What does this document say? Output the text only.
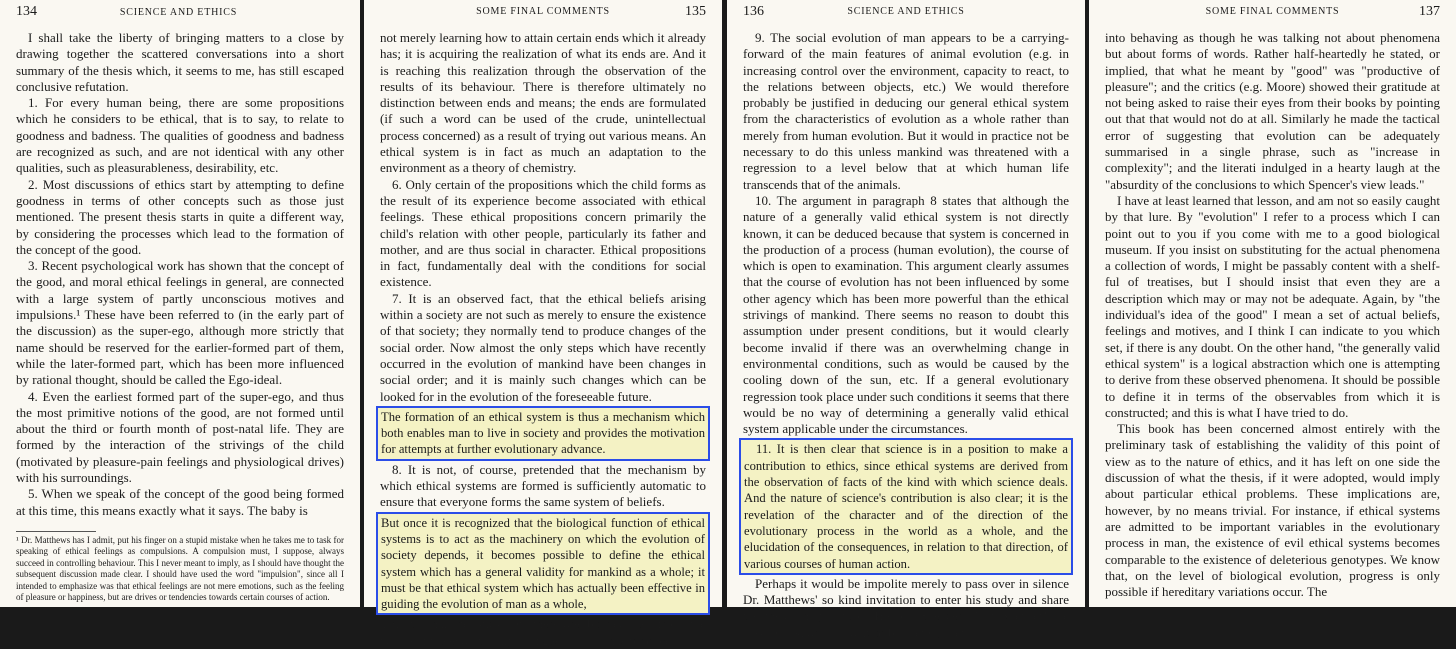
134	SCIENCE AND ETHICS

I shall take the liberty of bringing matters to a close by drawing together the scattered conversations into a short summary of the thesis which, it seems to me, has still escaped conclusive refutation.

1. For every human being, there are some propositions which he considers to be ethical, that is to say, to relate to goodness and badness. The qualities of goodness and badness are recognized as such, and are not identical with any other qualities, such as pleasurableness, desirability, etc.

2. Most discussions of ethics start by attempting to define goodness in terms of other concepts such as those just mentioned. The present thesis starts in quite a different way, by considering the processes which lead to the formation of the concept of the good.

3. Recent psychological work has shown that the concept of the good, and moral ethical feelings in general, are connected with a large system of partly unconscious motives and impulsions.¹ These have been referred to (in the early part of the discussion) as the super-ego, although more strictly that name should be reserved for the earlier-formed part of them, while the later-formed part, which has been more influenced by rational thought, should be called the Ego-ideal.

4. Even the earliest formed part of the super-ego, and thus the most primitive notions of the good, are not formed until about the third or fourth month of post-natal life. They are formed by the interaction of the strivings of the child (motivated by pleasure-pain feelings and physiological drives) with his surroundings.

5. When we speak of the concept of the good being formed at this time, this means exactly what it says. The baby is

¹ Dr. Matthews has I admit, put his finger on a stupid mistake when he takes me to task for speaking of ethical feelings as compulsions. A compulsion must, I suppose, always succeed in controlling behaviour. This I never meant to imply, as I should have thought the subsequent discussion made clear. I should have used the word "impulsion", since all I intended to emphasize was that ethical feelings are not mere emotions, such as the feeling of pleasure or happiness, but are drives or tendencies towards certain courses of action.

SOME FINAL COMMENTS	135

not merely learning how to attain certain ends which it already has; it is acquiring the realization of what its ends are. And it is reaching this realization through the observation of the results of its behaviour. There is therefore ultimately no distinction between ends and means; the ends are formulated (if such a word can be used of the crude, unintellectual process concerned) as a result of trying out various means. An ethical system is in fact as much an adaptation to the environment as a theory of chemistry.

6. Only certain of the propositions which the child forms as the result of its experience become associated with ethical feelings. These ethical propositions concern primarily the child's relation with other people, particularly its father and mother, and are thus social in character. Ethical propositions in fact, fundamentally deal with the conditions for social existence.

7. It is an observed fact, that the ethical beliefs arising within a society are not such as merely to ensure the existence of that society; they normally tend to produce changes of the social order. Now almost the only steps which have recently occurred in the evolution of mankind have been changes in social order; and it is mainly such changes which can be looked for in the evolution of the foreseeable future.

The formation of an ethical system is thus a mechanism which both enables man to live in society and provides the motivation for attempts at further evolutionary advance.

8. It is not, of course, pretended that the mechanism by which ethical systems are formed is sufficiently automatic to ensure that everyone forms the same system of beliefs.

But once it is recognized that the biological function of ethical systems is to act as the machinery on which the evolution of society depends, it becomes possible to define the ethical system which has a general validity for mankind as a whole; it must be that ethical system which has actually been effective in guiding the evolution of man as a whole,

and its characteristics can therefore be deduced from the nature of the evolutionary changes which it has produced.

136	SCIENCE AND ETHICS

9. The social evolution of man appears to be a carrying-forward of the main features of animal evolution (e.g. in increasing control over the environment, capacity to react, to the relations between objects, etc.) We would therefore probably be justified in deducing our general ethical system from the characteristics of evolution as a whole rather than merely from human evolution. But it would in practice not be necessary to do this unless mankind was threatened with a regression to a level below that at which human life transcends that of the animals.

10. The argument in paragraph 8 states that although the nature of a generally valid ethical system is not directly known, it can be deduced because that system is concerned in the production of a process (human evolution), the course of which is open to examination. This argument clearly assumes that the course of evolution has not been influenced by some other agency which has been more powerful than the ethical strivings of mankind. There seems no reason to doubt this assumption under present conditions, but it would clearly become invalid if there was an overwhelming change in environmental conditions, such as would be caused by the cooling down of the sun, etc. If a general evolutionary regression took place under such conditions it seems that there would be no way of determining a generally valid ethical system applicable under the circumstances.

11. It is then clear that science is in a position to make a contribution to ethics, since ethical systems are derived from the observation of facts of the kind with which science deals. And the nature of science's contribution is also clear; it is the revelation of the character and of the direction of the evolutionary process in the world as a whole, and the elucidation of the consequences, in relation to that direction, of various courses of human action.

Perhaps it would be impolite merely to pass over in silence Dr. Matthews' so kind invitation to enter his study and share the melancholy fate of Herbert Spencer. Poor Spencer! He was cajoled or bamboozled by literary men

SOME FINAL COMMENTS	137

into behaving as though he was talking not about phenomena but about forms of words. Rather half-heartedly he stated, or implied, that what he meant by "good" was "productive of pleasure"; and the critics (e.g. Moore) showed their gratitude at not being asked to raise their eyes from their books by pointing out that that would not do at all. Similarly he made the tactical error of suggesting that evolution can be adequately summarised in a single phrase, such as "increase in complexity"; and the literati indulged in a hearty laugh at the "absurdity of the conclusions to which Spencer's view leads."

I have at least learned that lesson, and am not so easily caught by that lure. By "evolution" I refer to a process which I can point out to you if you come with me to a good biological museum. If you insist on substituting for the actual phenomena a collection of words, I might be passably content with a shelf-ful of treatises, but I should insist that even they are a description which may or may not be adequate. Again, by "the individual's idea of the good" I mean a set of actual beliefs, feelings and motives, and I think I can indicate to you which set, if there is any doubt. On the other hand, "the generally valid ethical system" is a logical abstraction which one is attempting to derive from these observed phenomena. It should be possible to define it in terms of the observables from which it is constructed; and this is what I have tried to do.

This book has been concerned almost entirely with the preliminary task of establishing the validity of this point of view as to the nature of ethics, and it has left on one side the discussion of what the thesis, if it were adopted, would imply about particular ethical problems. These implications are, however, by no means trivial. For instance, if ethical systems are admitted to be important variables in the evolutionary process in man, the existence of evil ethical systems becomes comparable to the existence of deleterious genotypes. We know that, on the level of biological evolution, progress is only possible if hereditary variations occur. The
